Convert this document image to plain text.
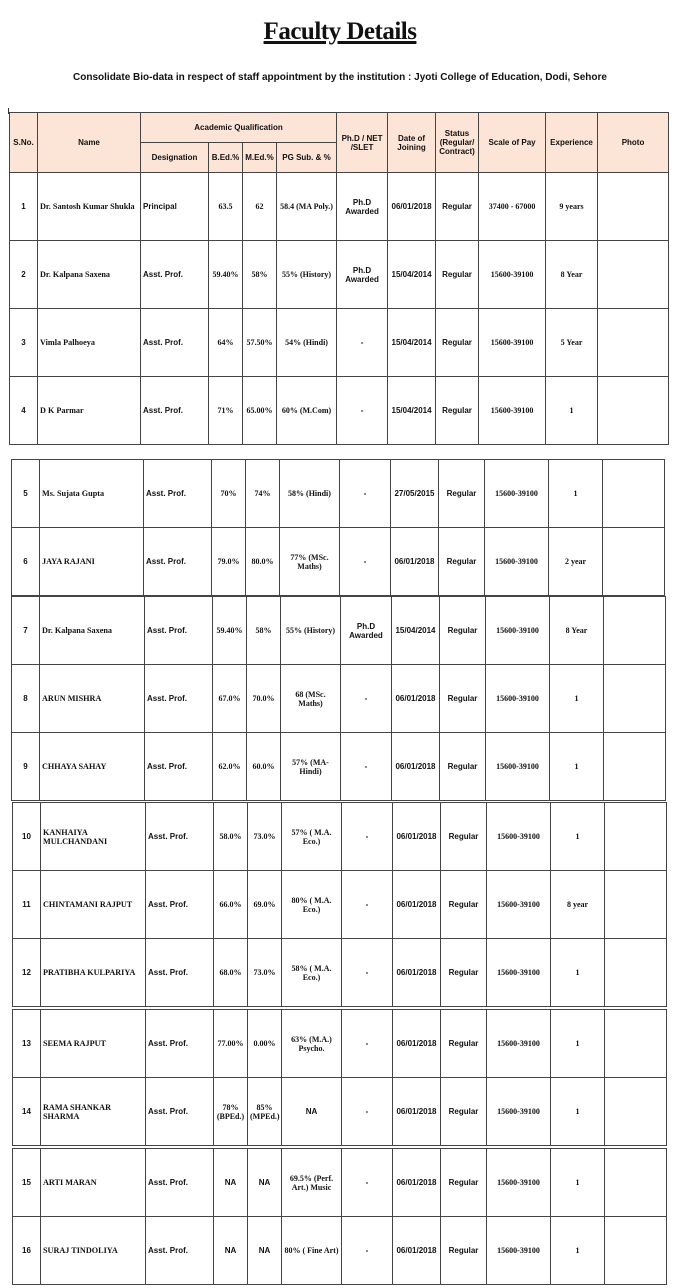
Faculty Details
Consolidate Bio-data in respect of staff appointment by the institution : Jyoti College of Education, Dodi, Sehore
S.No.	Name	Academic Qualification				Ph.D / NET /SLET	Date of Joining	Status (Regular/ Contract)	Scale of Pay	Experience	Photo
		Designation	B.Ed.%	M.Ed.%	PG Sub. & %						
1	Dr. Santosh Kumar Shukla	Principal	63.5	62	58.4 (MA Poly.)	Ph.D Awarded	06/01/2018	Regular	37400 - 67000	9 years	

2	Dr. Kalpana Saxena	Asst. Prof.	59.40%	58%	55% (History)	Ph.D Awarded	15/04/2014	Regular	15600-39100	8 Year	

3	Vimla Palhoeya	Asst. Prof.	64%	57.50%	54% (Hindi)	-	15/04/2014	Regular	15600-39100	5 Year	

4	D K Parmar	Asst. Prof.	71%	65.00%	60% (M.Com)	-	15/04/2014	Regular	15600-39100	1	
5	Ms. Sujata Gupta	Asst. Prof.	70%	74%	58% (Hindi)	-	27/05/2015	Regular	15600-39100	1	

6	JAYA RAJANI	Asst. Prof.	79.0%	80.0%	77% (MSc. Maths)	-	06/01/2018	Regular	15600-39100	2 year	
7	Dr. Kalpana Saxena	Asst. Prof.	59.40%	58%	55% (History)	Ph.D Awarded	15/04/2014	Regular	15600-39100	8 Year	
8	ARUN MISHRA	Asst. Prof.	67.0%	70.0%	68 (MSc. Maths)	-	06/01/2018	Regular	15600-39100	1	

9	CHHAYA SAHAY	Asst. Prof.	62.0%	60.0%	57% (MA-Hindi)	-	06/01/2018	Regular	15600-39100	1	
10	KANHAIYA MULCHANDANI	Asst. Prof.	58.0%	73.0%	57% ( M.A. Eco.)	-	06/01/2018	Regular	15600-39100	1	

11	CHINTAMANI RAJPUT	Asst. Prof.	66.0%	69.0%	80% ( M.A. Eco.)	-	06/01/2018	Regular	15600-39100	8 year	

12	PRATIBHA KULPARIYA	Asst. Prof.	68.0%	73.0%	58% ( M.A. Eco.)	-	06/01/2018	Regular	15600-39100	1	
13	SEEMA RAJPUT	Asst. Prof.	77.00%	0.00%	63% (M.A.) Psycho.	-	06/01/2018	Regular	15600-39100	1	

14	RAMA SHANKAR SHARMA	Asst. Prof.	78% (BPEd.)	85% (MPEd.)	NA	-	06/01/2018	Regular	15600-39100	1	
15	ARTI MARAN	Asst. Prof.	NA	NA	69.5% (Perf. Art.) Music	-	06/01/2018	Regular	15600-39100	1	

16	SURAJ TINDOLIYA	Asst. Prof.	NA	NA	80% ( Fine Art)	-	06/01/2018	Regular	15600-39100	1	
